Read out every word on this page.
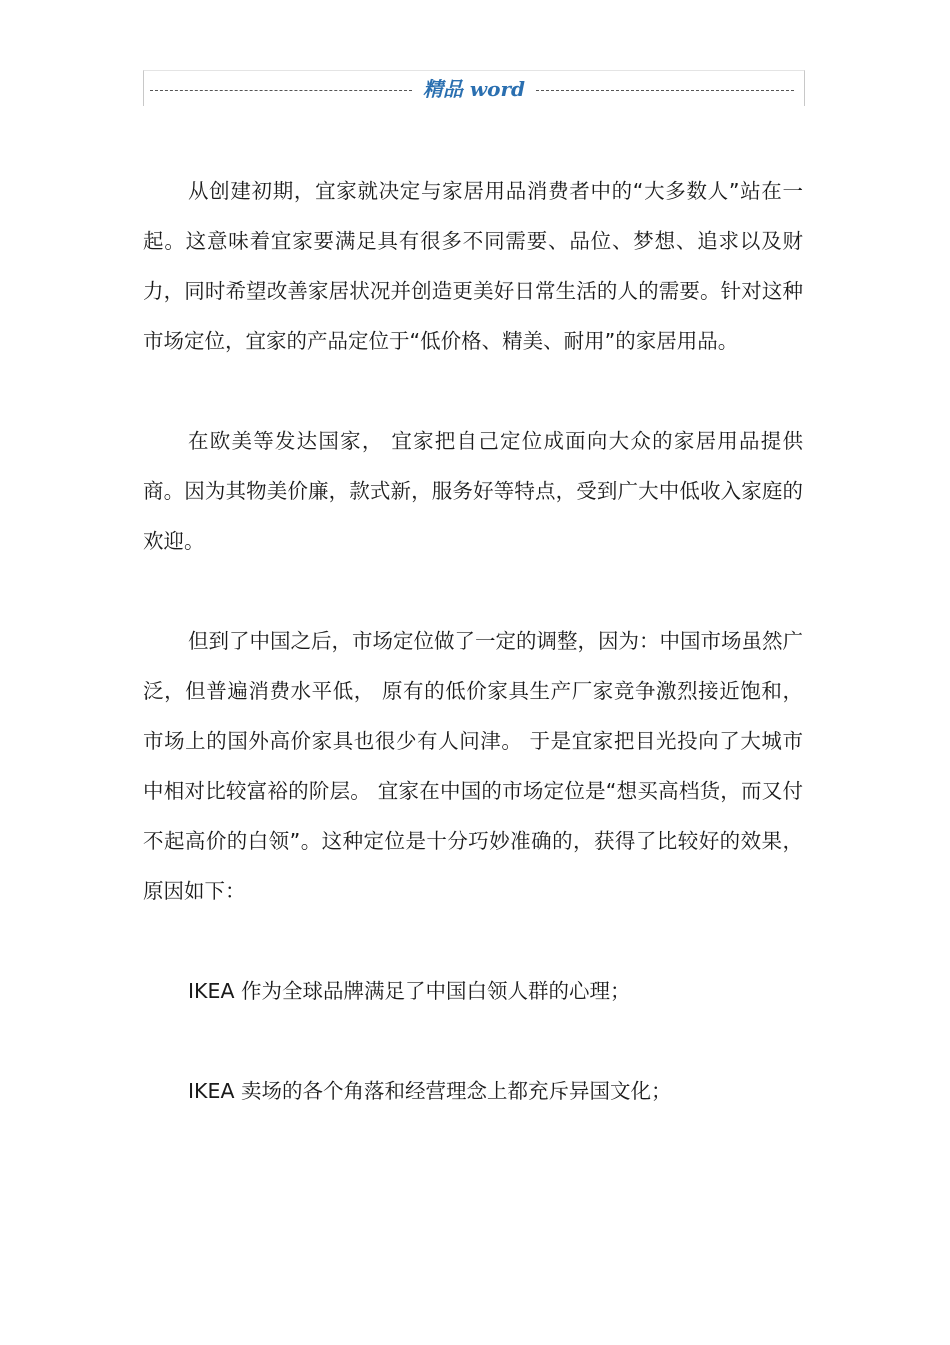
精品 word

从创建初期，宜家就决定与家居用品消费者中的“大多数人”站在一起。这意味着宜家要满足具有很多不同需要、品位、梦想、追求以及财力，同时希望改善家居状况并创造更美好日常生活的人的需要。针对这种市场定位，宜家的产品定位于“低价格、精美、耐用”的家居用品。

在欧美等发达国家， 宜家把自己定位成面向大众的家居用品提供商。因为其物美价廉，款式新，服务好等特点，受到广大中低收入家庭的欢迎。

但到了中国之后，市场定位做了一定的调整，因为：中国市场虽然广泛，但普遍消费水平低， 原有的低价家具生产厂家竞争激烈接近饱和，市场上的国外高价家具也很少有人问津。 于是宜家把目光投向了大城市中相对比较富裕的阶层。 宜家在中国的市场定位是“想买高档货，而又付不起高价的白领”。这种定位是十分巧妙准确的，获得了比较好的效果，原因如下：

IKEA 作为全球品牌满足了中国白领人群的心理；

IKEA 卖场的各个角落和经营理念上都充斥异国文化；
